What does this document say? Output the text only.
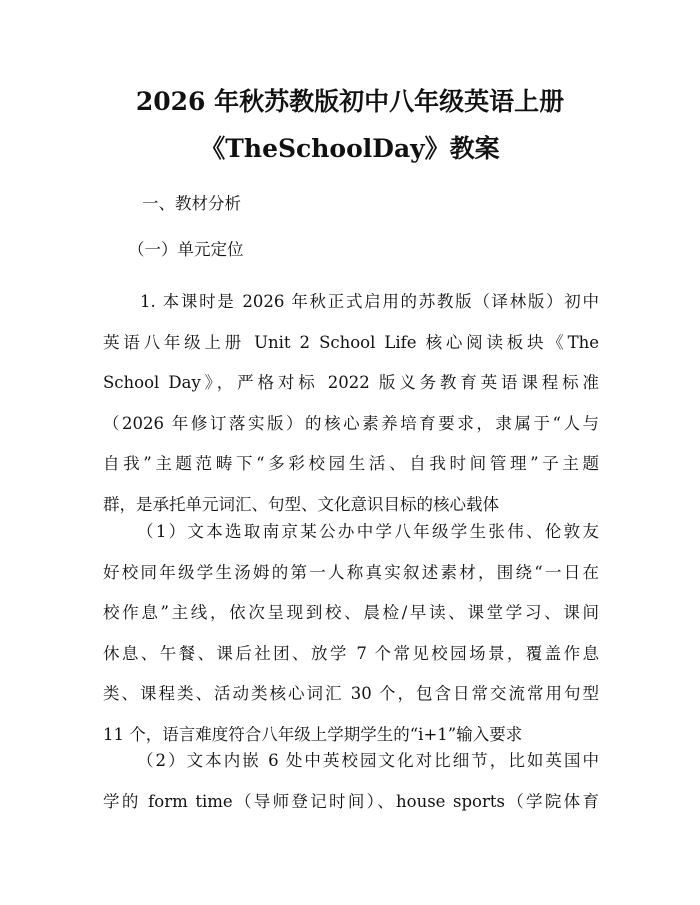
2026 年秋苏教版初中八年级英语上册
《TheSchoolDay》教案
一、教材分析
（一）单元定位
1. 本课时是 2026 年秋正式启用的苏教版（译林版）初中
英语八年级上册 Unit 2 School Life 核心阅读板块《The
School Day》，严格对标 2022 版义务教育英语课程标准
（2026 年修订落实版）的核心素养培育要求，隶属于“人与
自我”主题范畴下“多彩校园生活、自我时间管理”子主题
群，是承托单元词汇、句型、文化意识目标的核心载体
（1）文本选取南京某公办中学八年级学生张伟、伦敦友
好校同年级学生汤姆的第一人称真实叙述素材，围绕“一日在
校作息”主线，依次呈现到校、晨检/早读、课堂学习、课间
休息、午餐、课后社团、放学 7 个常见校园场景，覆盖作息
类、课程类、活动类核心词汇 30 个，包含日常交流常用句型
11 个，语言难度符合八年级上学期学生的“i+1”输入要求
（2）文本内嵌 6 处中英校园文化对比细节，比如英国中
学的 form time（导师登记时间）、house sports（学院体育
